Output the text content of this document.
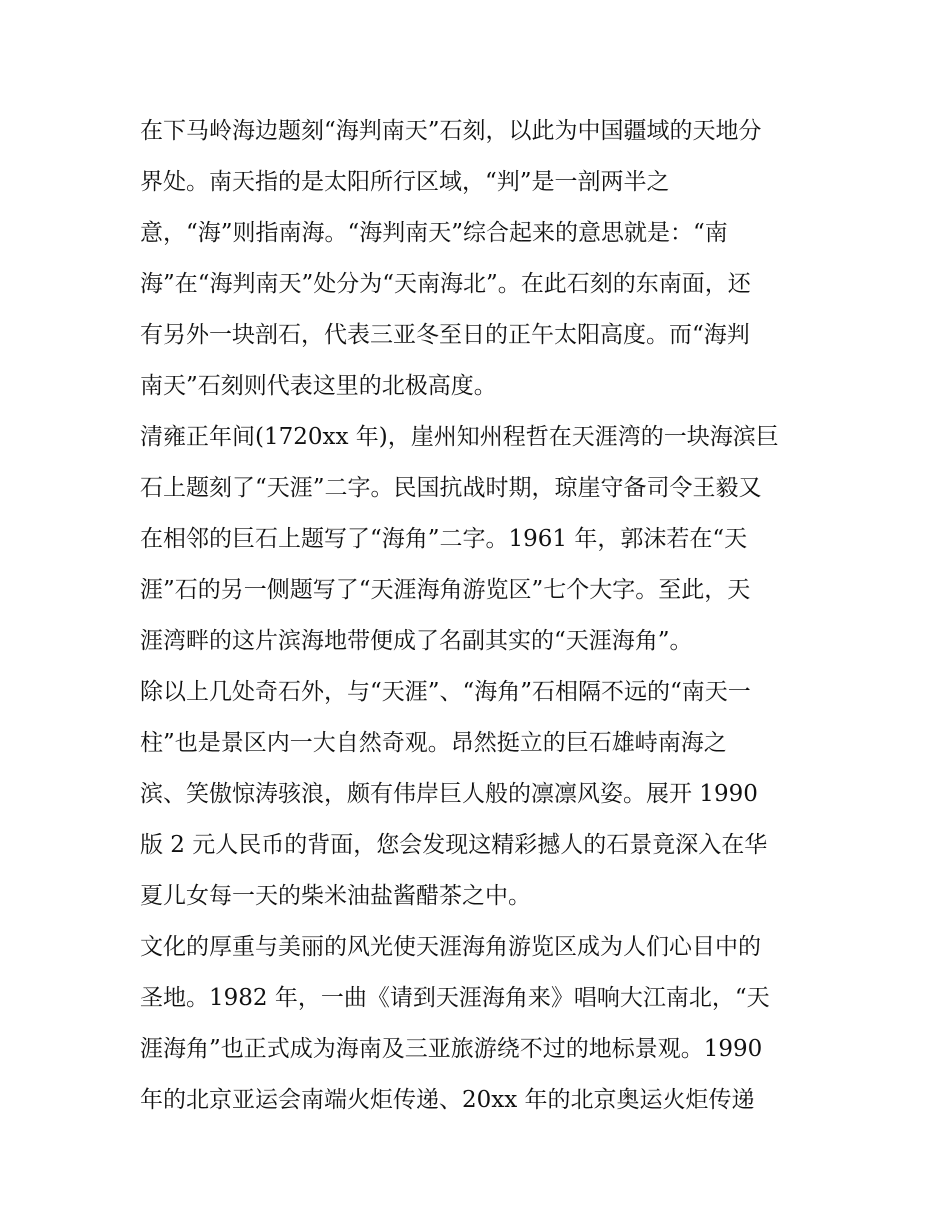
在下马岭海边题刻“海判南天”石刻，以此为中国疆域的天地分
界处。南天指的是太阳所行区域，“判”是一剖两半之
意，“海”则指南海。“海判南天”综合起来的意思就是：“南
海”在“海判南天”处分为“天南海北”。在此石刻的东南面，还
有另外一块剖石，代表三亚冬至日的正午太阳高度。而“海判
南天”石刻则代表这里的北极高度。
清雍正年间(1720xx 年)，崖州知州程哲在天涯湾的一块海滨巨
石上题刻了“天涯”二字。民国抗战时期，琼崖守备司令王毅又
在相邻的巨石上题写了“海角”二字。1961 年，郭沫若在“天
涯”石的另一侧题写了“天涯海角游览区”七个大字。至此，天
涯湾畔的这片滨海地带便成了名副其实的“天涯海角”。
除以上几处奇石外，与“天涯”、“海角”石相隔不远的“南天一
柱”也是景区内一大自然奇观。昂然挺立的巨石雄峙南海之
滨、笑傲惊涛骇浪，颇有伟岸巨人般的凛凛风姿。展开 1990
版 2 元人民币的背面，您会发现这精彩撼人的石景竟深入在华
夏儿女每一天的柴米油盐酱醋茶之中。
文化的厚重与美丽的风光使天涯海角游览区成为人们心目中的
圣地。1982 年，一曲《请到天涯海角来》唱响大江南北，“天
涯海角”也正式成为海南及三亚旅游绕不过的地标景观。1990
年的北京亚运会南端火炬传递、20xx 年的北京奥运火炬传递
